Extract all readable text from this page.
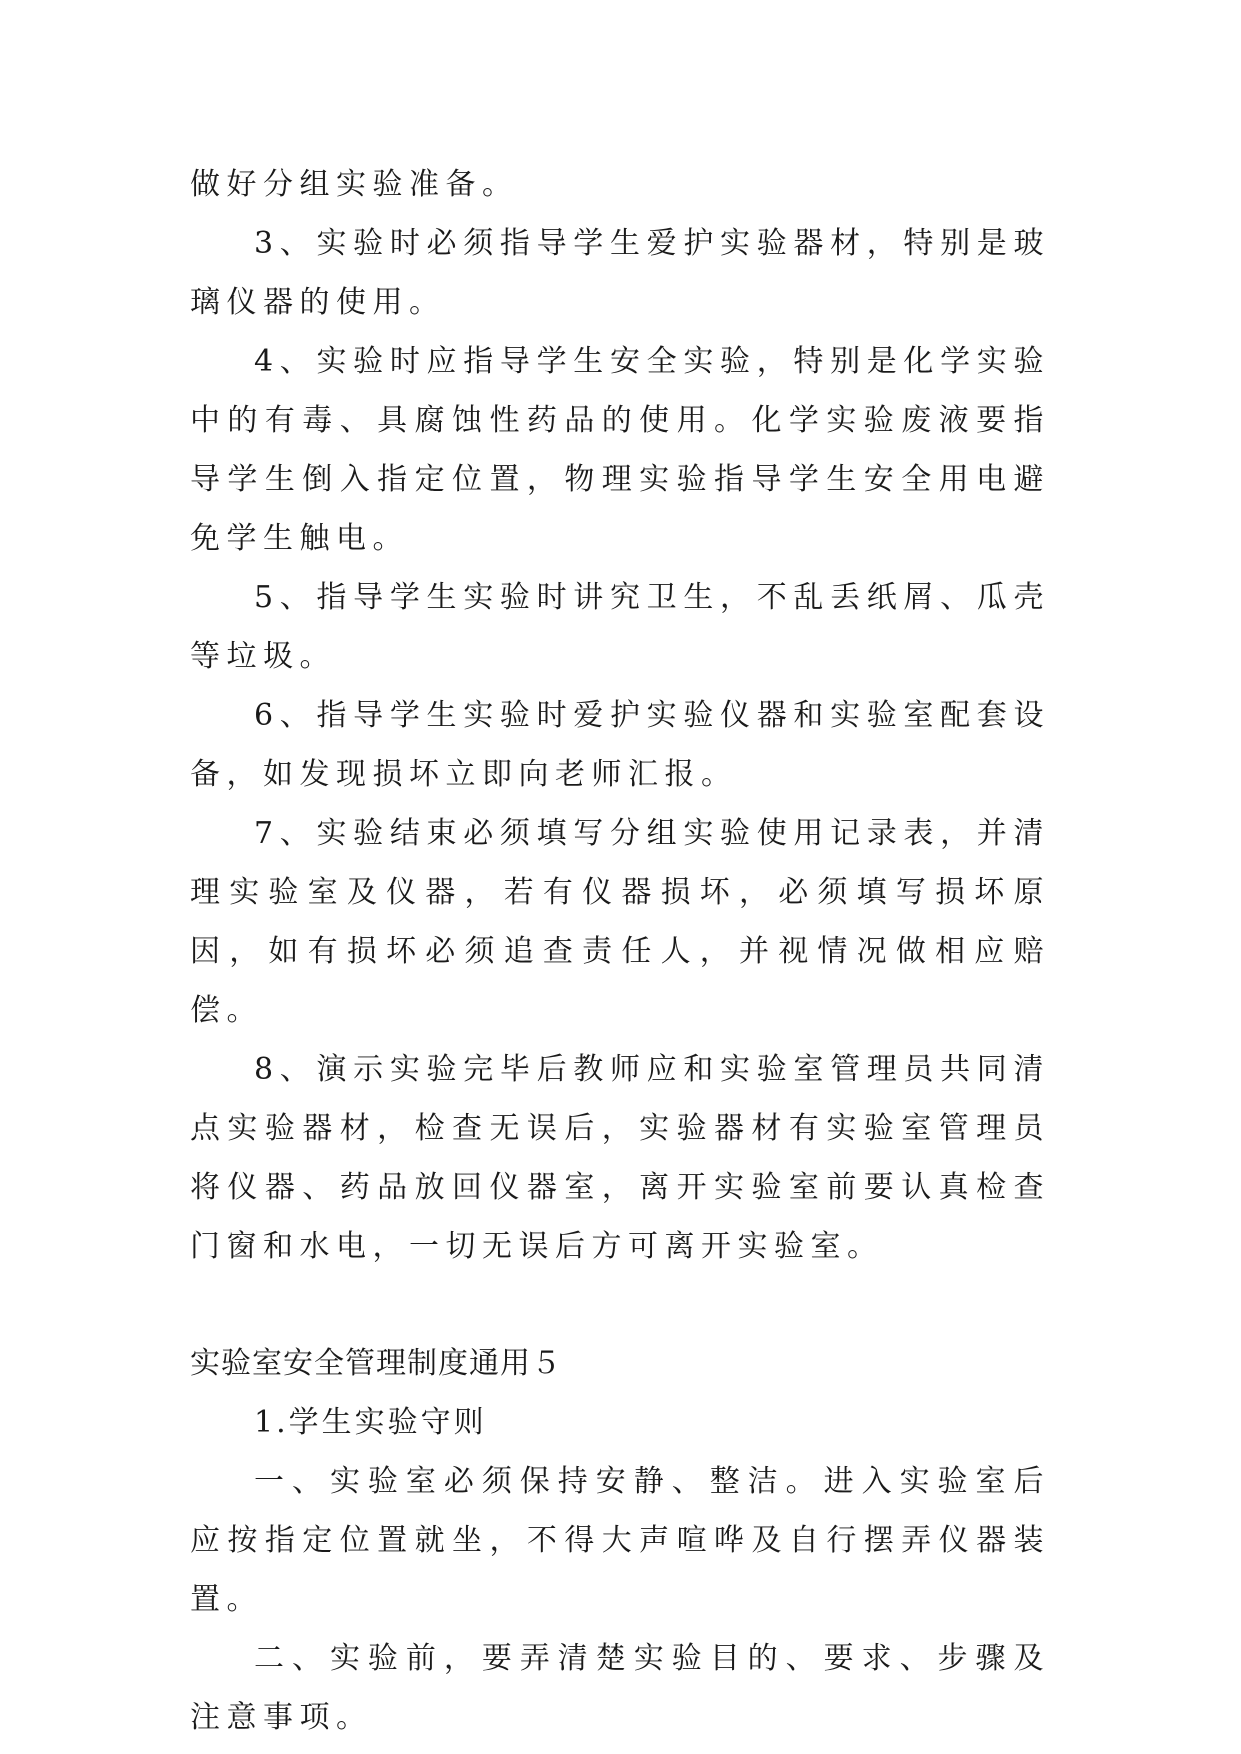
做好分组实验准备。

3、实验时必须指导学生爱护实验器材，特别是玻璃仪器的使用。

4、实验时应指导学生安全实验，特别是化学实验中的有毒、具腐蚀性药品的使用。化学实验废液要指导学生倒入指定位置，物理实验指导学生安全用电避免学生触电。

5、指导学生实验时讲究卫生，不乱丢纸屑、瓜壳等垃圾。

6、指导学生实验时爱护实验仪器和实验室配套设备，如发现损坏立即向老师汇报。

7、实验结束必须填写分组实验使用记录表，并清理实验室及仪器，若有仪器损坏，必须填写损坏原因，如有损坏必须追查责任人，并视情况做相应赔偿。

8、演示实验完毕后教师应和实验室管理员共同清点实验器材，检查无误后，实验器材有实验室管理员将仪器、药品放回仪器室，离开实验室前要认真检查门窗和水电，一切无误后方可离开实验室。

实验室安全管理制度通用５

1.学生实验守则

一、实验室必须保持安静、整洁。进入实验室后应按指定位置就坐，不得大声喧哗及自行摆弄仪器装置。

二、实验前，要弄清楚实验目的、要求、步骤及注意事项。
